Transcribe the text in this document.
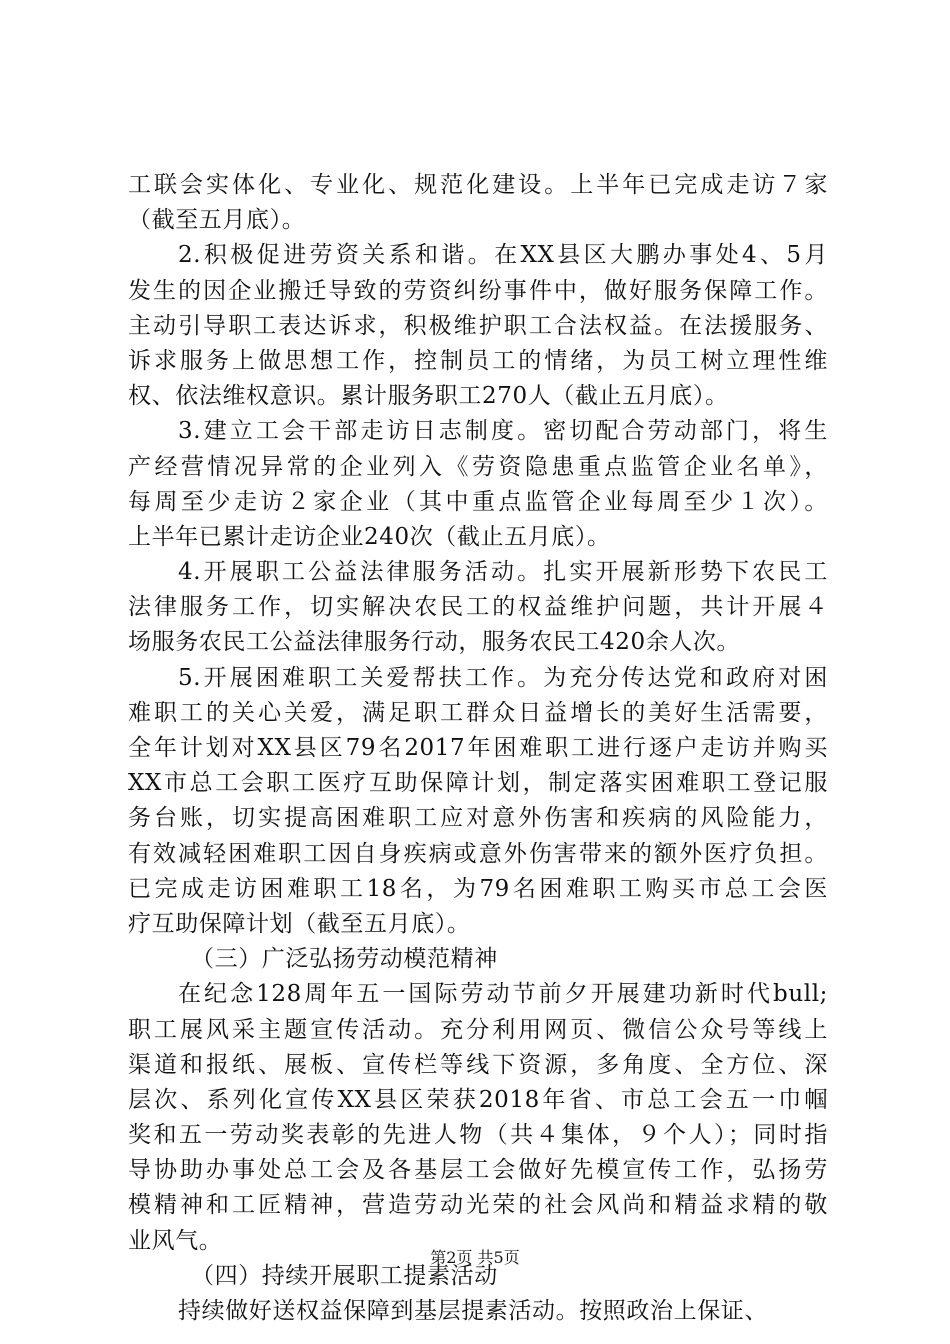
工联会实体化、专业化、规范化建设。上半年已完成走访７家
（截至五月底）。
2.积极促进劳资关系和谐。在XX县区大鹏办事处4、5月
发生的因企业搬迁导致的劳资纠纷事件中，做好服务保障工作。
主动引导职工表达诉求，积极维护职工合法权益。在法援服务、
诉求服务上做思想工作，控制员工的情绪，为员工树立理性维
权、依法维权意识。累计服务职工270人（截止五月底）。
3.建立工会干部走访日志制度。密切配合劳动部门，将生
产经营情况异常的企业列入《劳资隐患重点监管企业名单》，
每周至少走访２家企业（其中重点监管企业每周至少１次）。
上半年已累计走访企业240次（截止五月底）。
4.开展职工公益法律服务活动。扎实开展新形势下农民工
法律服务工作，切实解决农民工的权益维护问题，共计开展４
场服务农民工公益法律服务行动，服务农民工420余人次。
5.开展困难职工关爱帮扶工作。为充分传达党和政府对困
难职工的关心关爱，满足职工群众日益增长的美好生活需要，
全年计划对XX县区79名2017年困难职工进行逐户走访并购买
XX市总工会职工医疗互助保障计划，制定落实困难职工登记服
务台账，切实提高困难职工应对意外伤害和疾病的风险能力，
有效减轻困难职工因自身疾病或意外伤害带来的额外医疗负担。
已完成走访困难职工18名，为79名困难职工购买市总工会医
疗互助保障计划（截至五月底）。
（三）广泛弘扬劳动模范精神
在纪念128周年五一国际劳动节前夕开展建功新时代bull;
职工展风采主题宣传活动。充分利用网页、微信公众号等线上
渠道和报纸、展板、宣传栏等线下资源，多角度、全方位、深
层次、系列化宣传XX县区荣获2018年省、市总工会五一巾帼
奖和五一劳动奖表彰的先进人物（共４集体，９个人）；同时指
导协助办事处总工会及各基层工会做好先模宣传工作，弘扬劳
模精神和工匠精神，营造劳动光荣的社会风尚和精益求精的敬
业风气。
（四）持续开展职工提素活动
持续做好送权益保障到基层提素活动。按照政治上保证、
第2页 共5页
